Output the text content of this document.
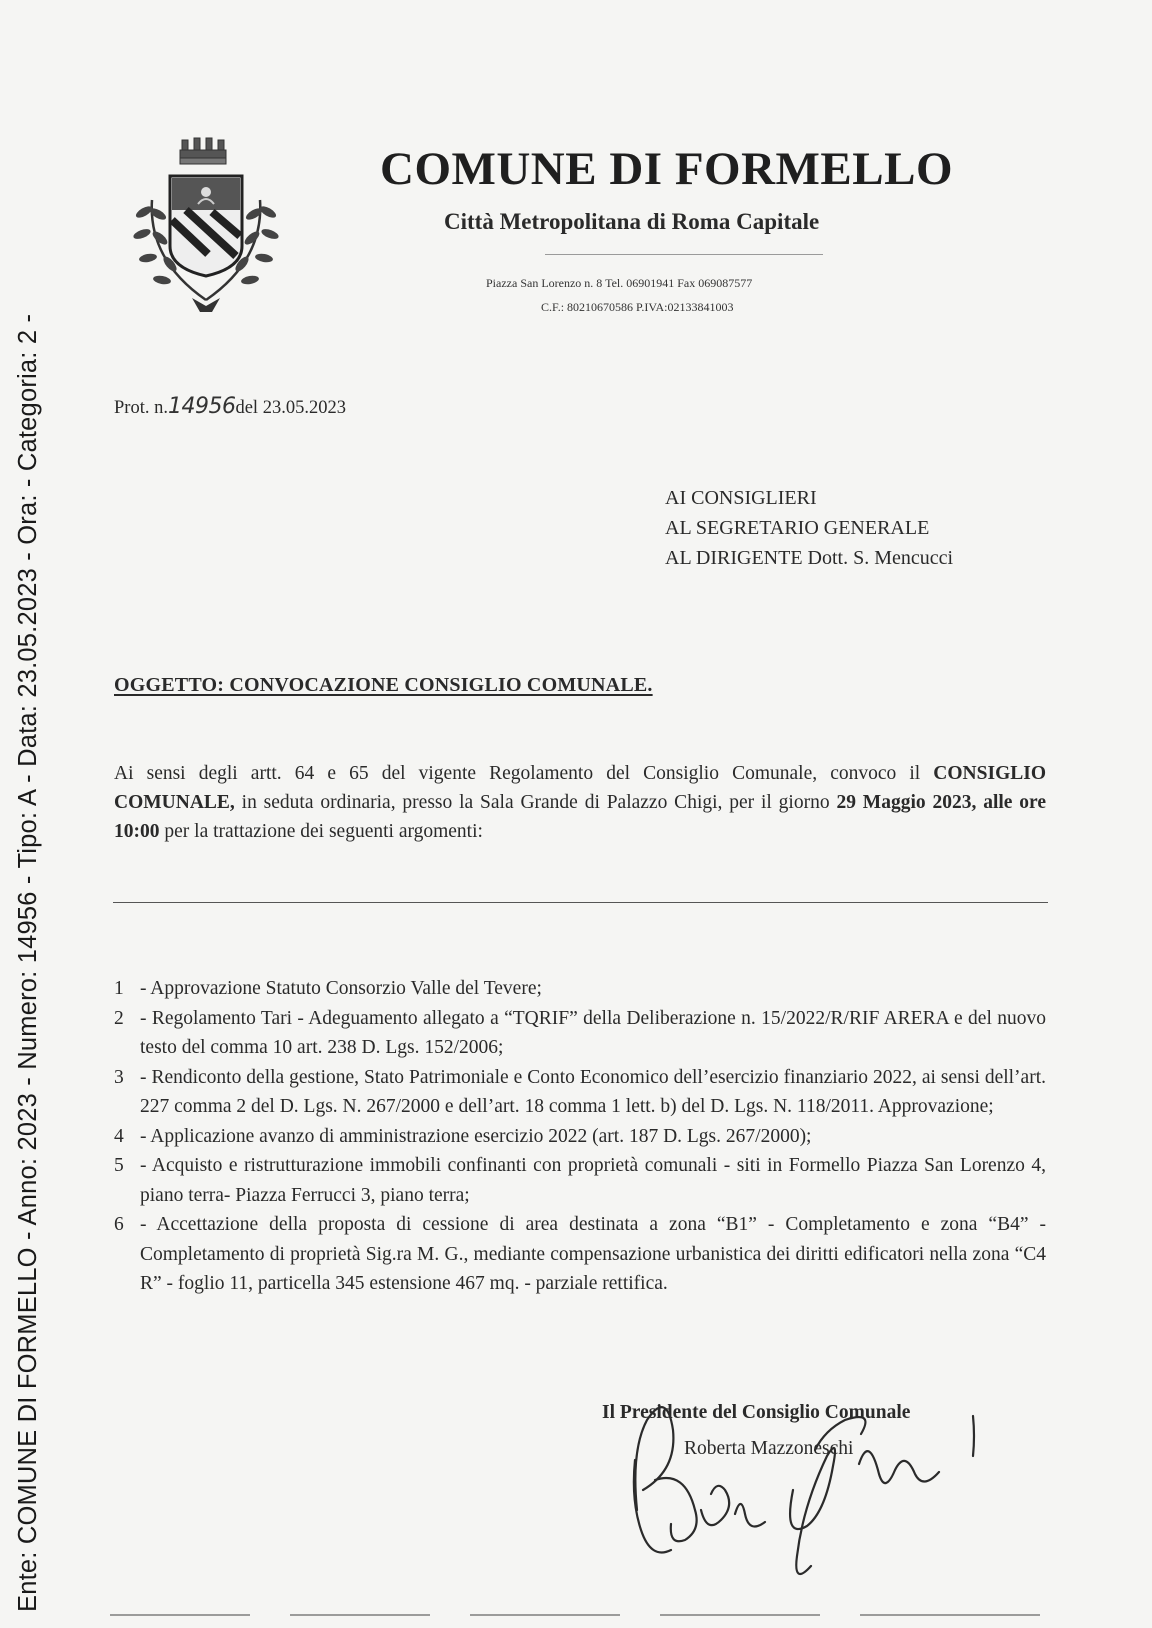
Ente: COMUNE DI FORMELLO - Anno: 2023 - Numero: 14956 - Tipo: A - Data: 23.05.2023 - Ora: - Categoria: 2 -
COMUNE DI FORMELLO
Città Metropolitana di Roma Capitale
Piazza San Lorenzo n. 8 Tel. 06901941 Fax 069087577
C.F.: 80210670586 P.IVA:02133841003
Prot. n.14956del 23.05.2023
AI CONSIGLIERI
AL SEGRETARIO GENERALE
AL DIRIGENTE Dott. S. Mencucci
OGGETTO: CONVOCAZIONE CONSIGLIO COMUNALE.
Ai sensi degli artt. 64 e 65 del vigente Regolamento del Consiglio Comunale, convoco il CONSIGLIO COMUNALE, in seduta ordinaria, presso la Sala Grande di Palazzo Chigi, per il giorno 29 Maggio 2023, alle ore 10:00 per la trattazione dei seguenti argomenti:
1 - Approvazione Statuto Consorzio Valle del Tevere;
2 - Regolamento Tari - Adeguamento allegato a “TQRIF” della Deliberazione n. 15/2022/R/RIF ARERA e del nuovo testo del comma 10 art. 238 D. Lgs. 152/2006;
3 - Rendiconto della gestione, Stato Patrimoniale e Conto Economico dell’esercizio finanziario 2022, ai sensi dell’art. 227 comma 2 del D. Lgs. N. 267/2000 e dell’art. 18 comma 1 lett. b) del D. Lgs. N. 118/2011. Approvazione;
4 - Applicazione avanzo di amministrazione esercizio 2022 (art. 187 D. Lgs. 267/2000);
5 - Acquisto e ristrutturazione immobili confinanti con proprietà comunali - siti in Formello Piazza San Lorenzo 4, piano terra- Piazza Ferrucci 3, piano terra;
6 - Accettazione della proposta di cessione di area destinata a zona “B1” - Completamento e zona “B4” - Completamento di proprietà Sig.ra M. G., mediante compensazione urbanistica dei diritti edificatori nella zona “C4 R” - foglio 11, particella 345 estensione 467 mq. - parziale rettifica.
Il Presidente del Consiglio Comunale
Roberta Mazzoneschi
